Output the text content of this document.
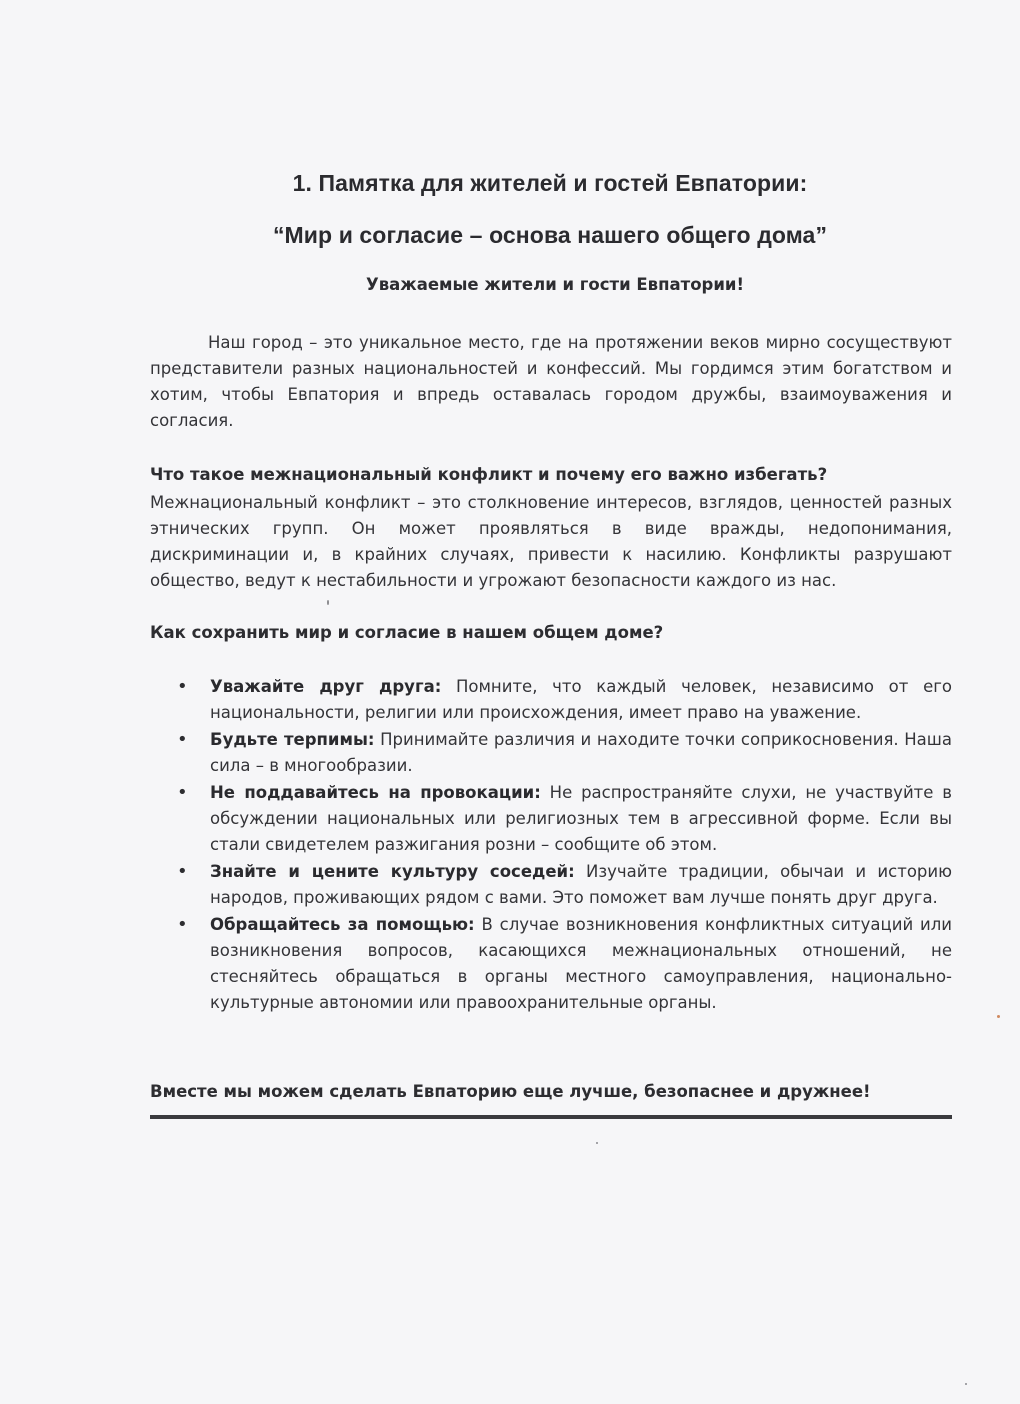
1. Памятка для жителей и гостей Евпатории:
“Мир и согласие – основа нашего общего дома”
Уважаемые жители и гости Евпатории!
Наш город – это уникальное место, где на протяжении веков мирно сосуществуют представители разных национальностей и конфессий. Мы гордимся этим богатством и хотим, чтобы Евпатория и впредь оставалась городом дружбы, взаимоуважения и согласия.
Что такое межнациональный конфликт и почему его важно избегать?
Межнациональный конфликт – это столкновение интересов, взглядов, ценностей разных этнических групп. Он может проявляться в виде вражды, недопонимания, дискриминации и, в крайних случаях, привести к насилию. Конфликты разрушают общество, ведут к нестабильности и угрожают безопасности каждого из нас.
Как сохранить мир и согласие в нашем общем доме?
• Уважайте друг друга: Помните, что каждый человек, независимо от его национальности, религии или происхождения, имеет право на уважение.
• Будьте терпимы: Принимайте различия и находите точки соприкосновения. Наша сила – в многообразии.
• Не поддавайтесь на провокации: Не распространяйте слухи, не участвуйте в обсуждении национальных или религиозных тем в агрессивной форме. Если вы стали свидетелем разжигания розни – сообщите об этом.
• Знайте и цените культуру соседей: Изучайте традиции, обычаи и историю народов, проживающих рядом с вами. Это поможет вам лучше понять друг друга.
• Обращайтесь за помощью: В случае возникновения конфликтных ситуаций или возникновения вопросов, касающихся межнациональных отношений, не стесняйтесь обращаться в органы местного самоуправления, национально-культурные автономии или правоохранительные органы.
Вместе мы можем сделать Евпаторию еще лучше, безопаснее и дружнее!
